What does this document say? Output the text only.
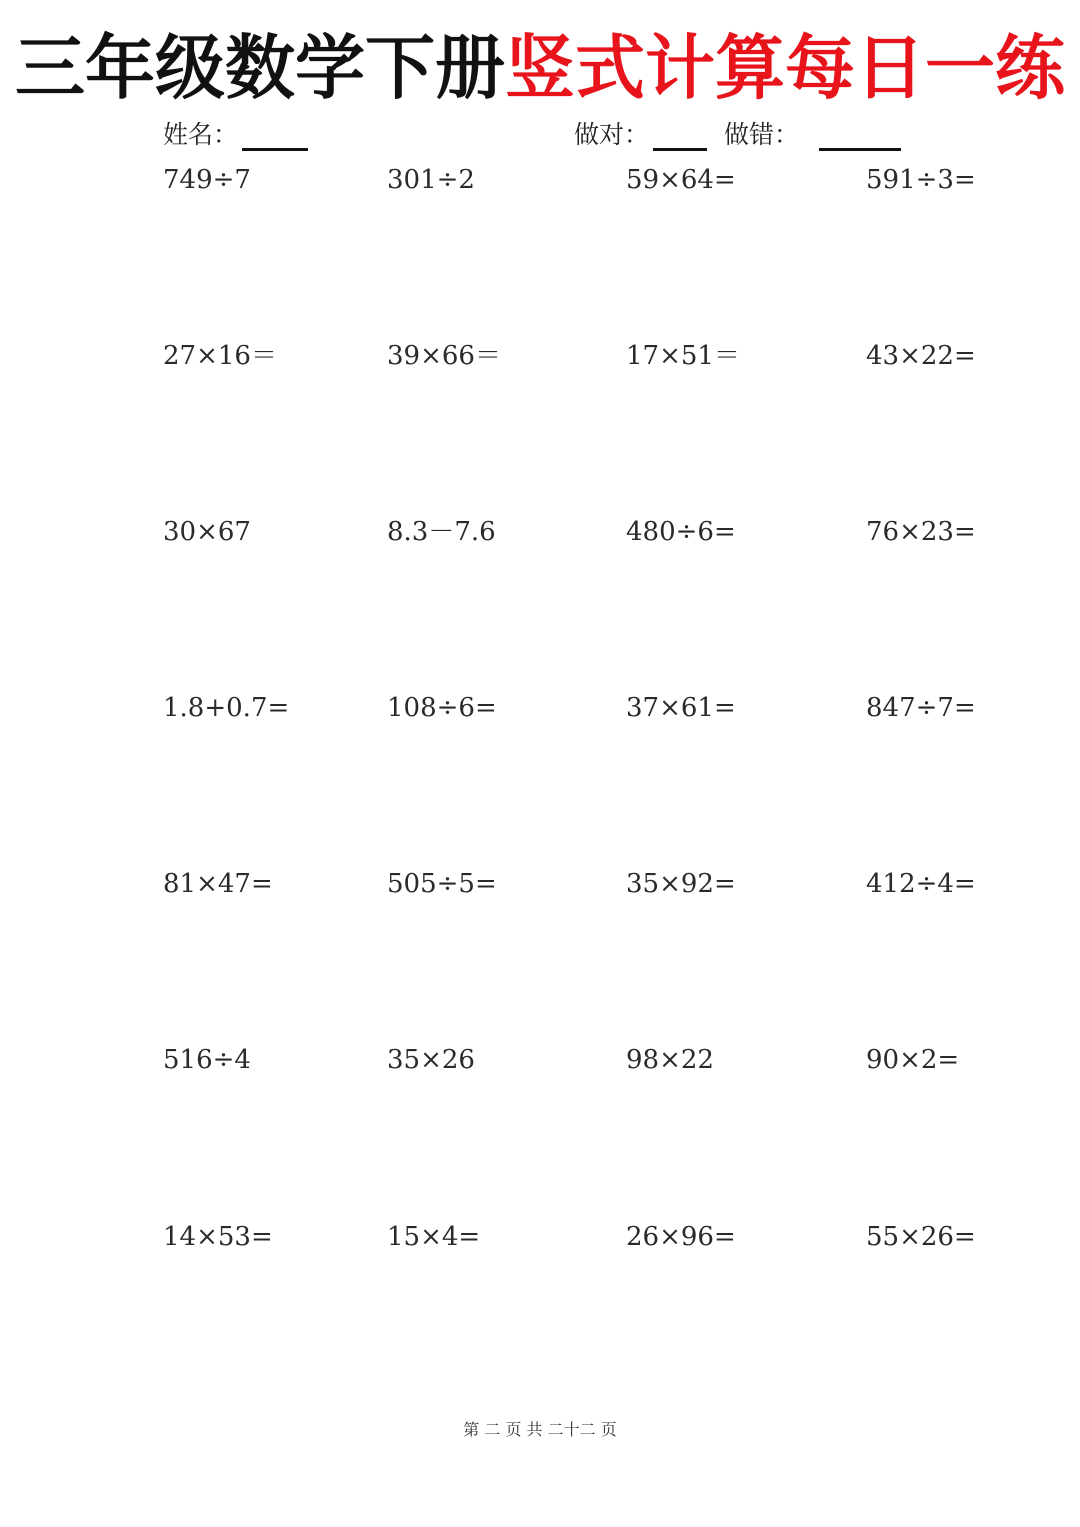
三年级数学下册竖式计算每日一练
姓名：	做对：	做错：
749÷7	301÷2	59×64=	591÷3=
27×16＝	39×66＝	17×51＝	43×22=
30×67	8.3－7.6	480÷6=	76×23=
1.8+0.7=	108÷6=	37×61=	847÷7=
81×47=	505÷5=	35×92=	412÷4=
516÷4	35×26	98×22	90×2=
14×53=	15×4=	26×96=	55×26=
第 二 页 共 二十二 页
